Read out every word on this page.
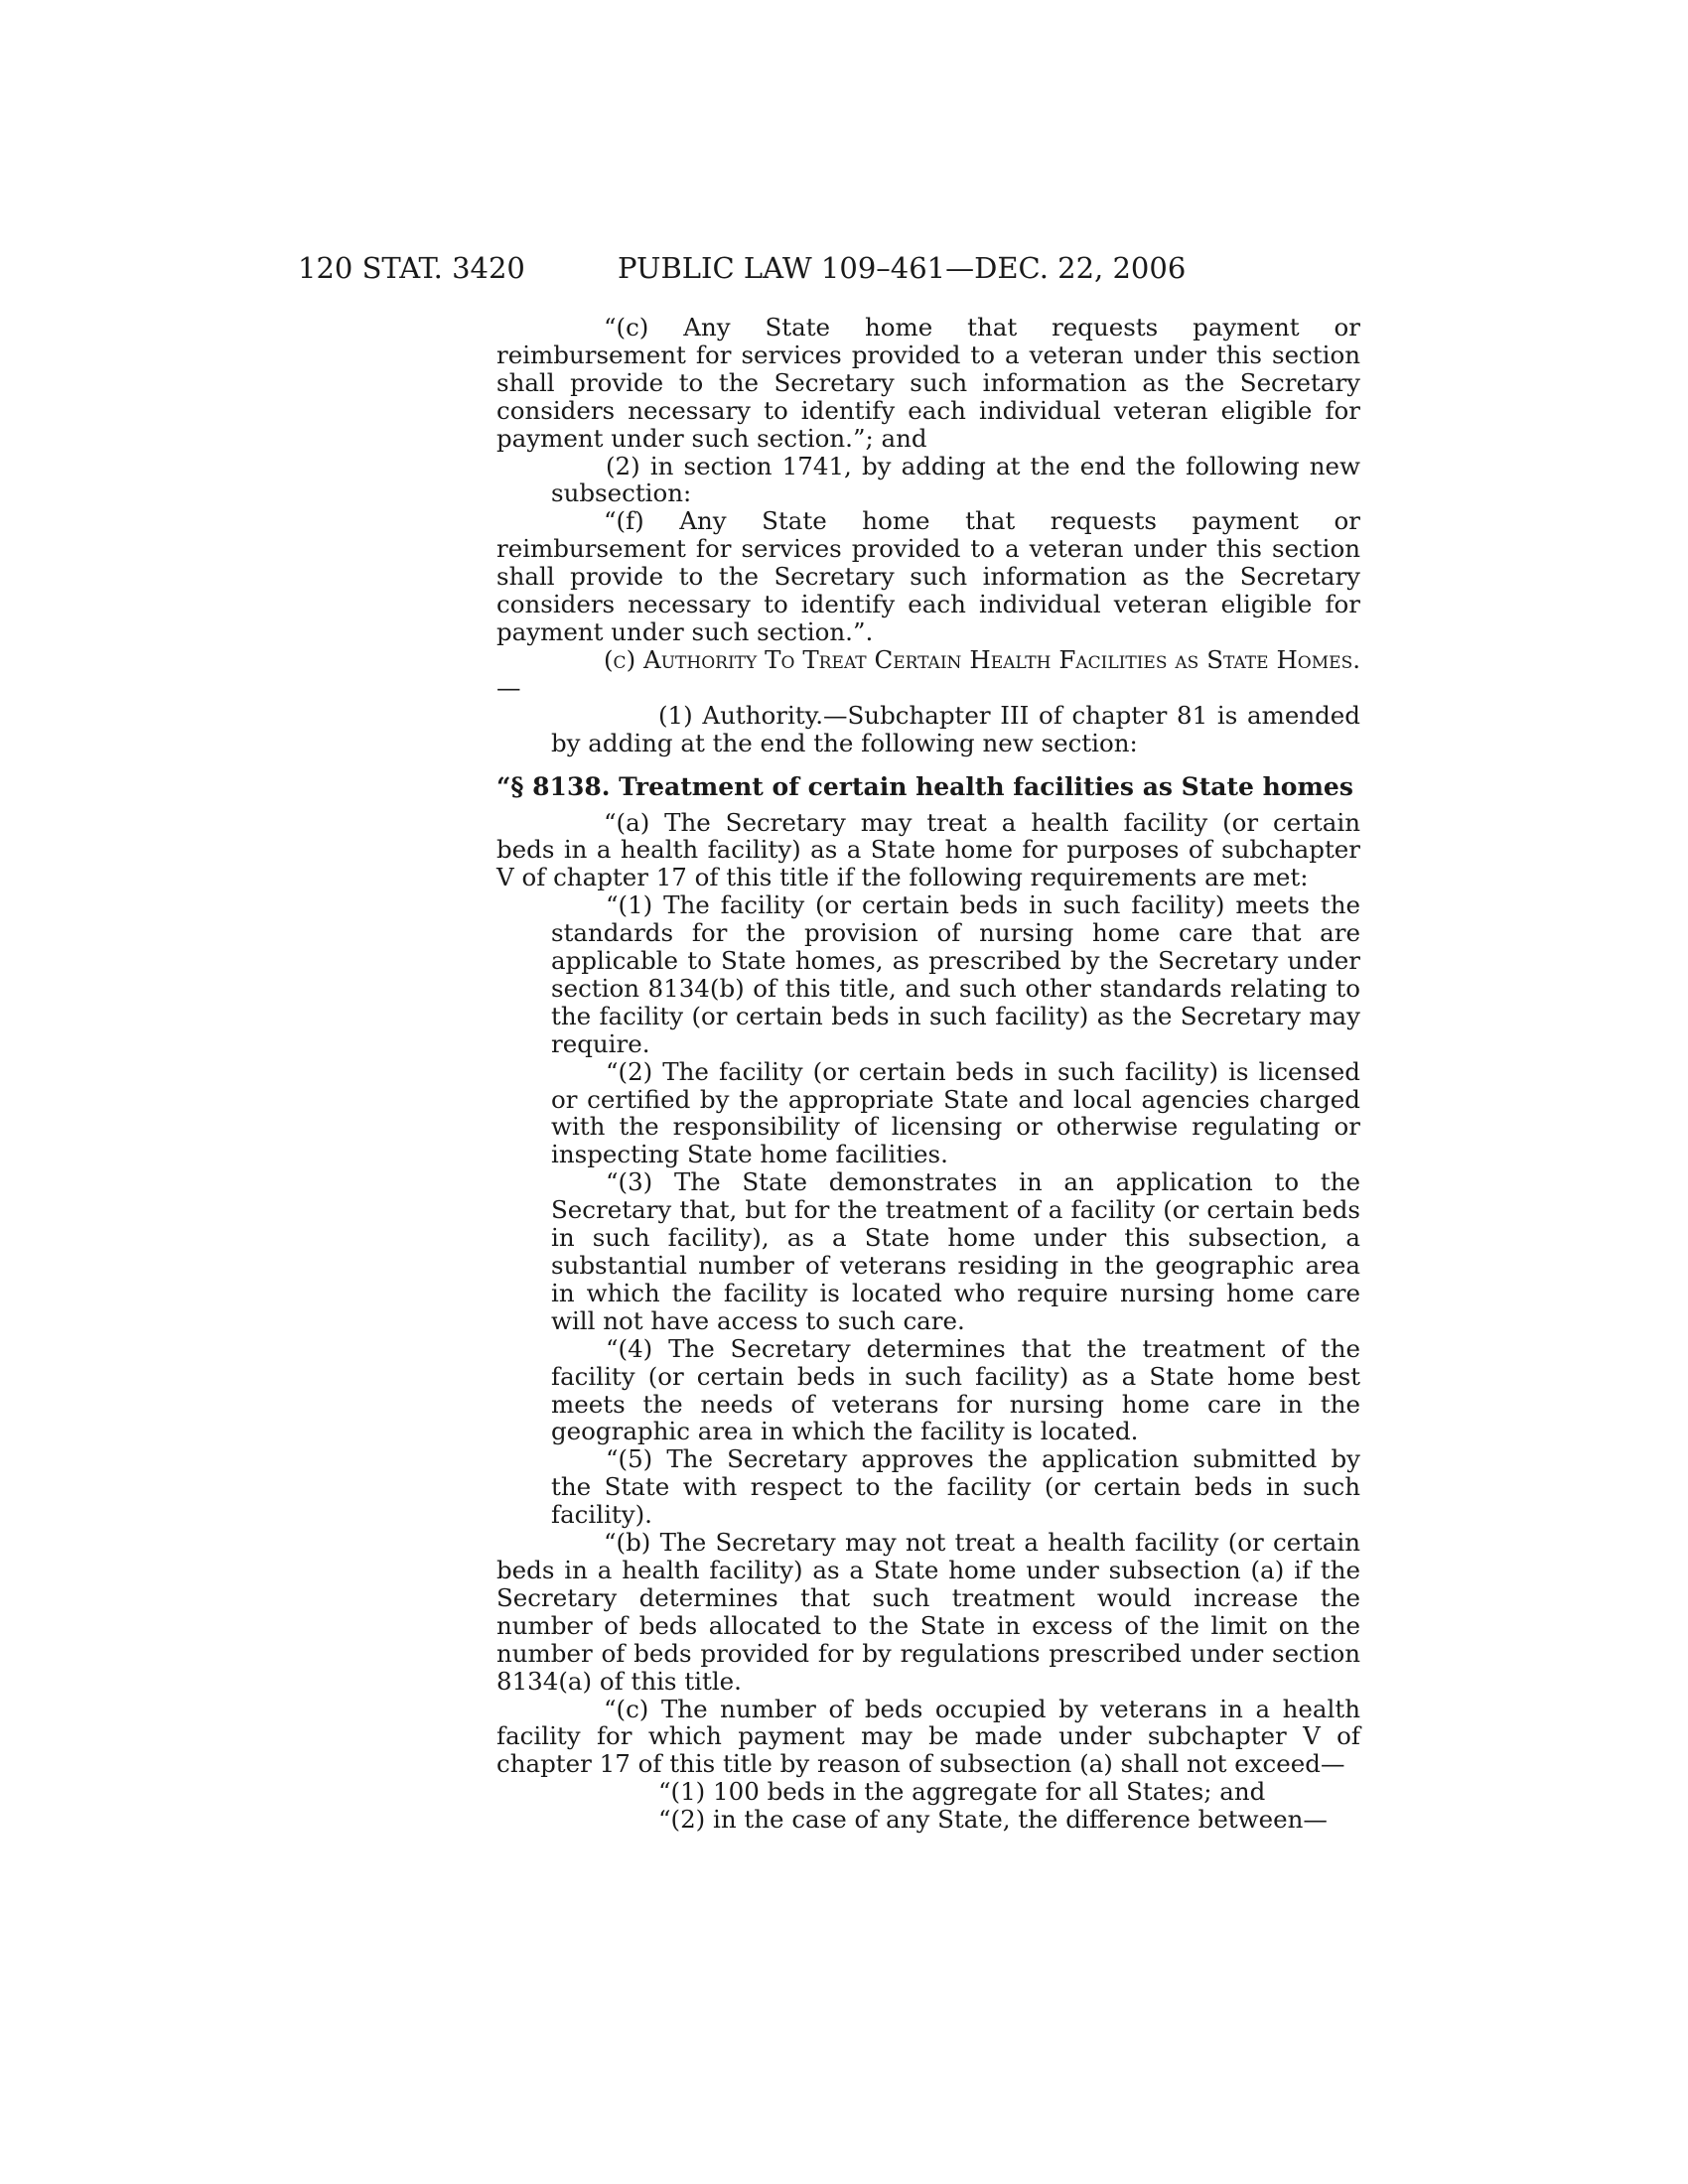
120 STAT. 3420	PUBLIC LAW 109–461—DEC. 22, 2006

“(c) Any State home that requests payment or reimbursement for services provided to a veteran under this section shall provide to the Secretary such information as the Secretary considers necessary to identify each individual veteran eligible for payment under such section.”; and

(2) in section 1741, by adding at the end the following new subsection:

“(f) Any State home that requests payment or reimbursement for services provided to a veteran under this section shall provide to the Secretary such information as the Secretary considers necessary to identify each individual veteran eligible for payment under such section.”.

(c) Authority To Treat Certain Health Facilities as State Homes.—

(1) Authority.—Subchapter III of chapter 81 is amended by adding at the end the following new section:

“§ 8138. Treatment of certain health facilities as State homes

“(a) The Secretary may treat a health facility (or certain beds in a health facility) as a State home for purposes of subchapter V of chapter 17 of this title if the following requirements are met:

“(1) The facility (or certain beds in such facility) meets the standards for the provision of nursing home care that are applicable to State homes, as prescribed by the Secretary under section 8134(b) of this title, and such other standards relating to the facility (or certain beds in such facility) as the Secretary may require.

“(2) The facility (or certain beds in such facility) is licensed or certified by the appropriate State and local agencies charged with the responsibility of licensing or otherwise regulating or inspecting State home facilities.

“(3) The State demonstrates in an application to the Secretary that, but for the treatment of a facility (or certain beds in such facility), as a State home under this subsection, a substantial number of veterans residing in the geographic area in which the facility is located who require nursing home care will not have access to such care.

“(4) The Secretary determines that the treatment of the facility (or certain beds in such facility) as a State home best meets the needs of veterans for nursing home care in the geographic area in which the facility is located.

“(5) The Secretary approves the application submitted by the State with respect to the facility (or certain beds in such facility).

“(b) The Secretary may not treat a health facility (or certain beds in a health facility) as a State home under subsection (a) if the Secretary determines that such treatment would increase the number of beds allocated to the State in excess of the limit on the number of beds provided for by regulations prescribed under section 8134(a) of this title.

“(c) The number of beds occupied by veterans in a health facility for which payment may be made under subchapter V of chapter 17 of this title by reason of subsection (a) shall not exceed—

“(1) 100 beds in the aggregate for all States; and

“(2) in the case of any State, the difference between—
